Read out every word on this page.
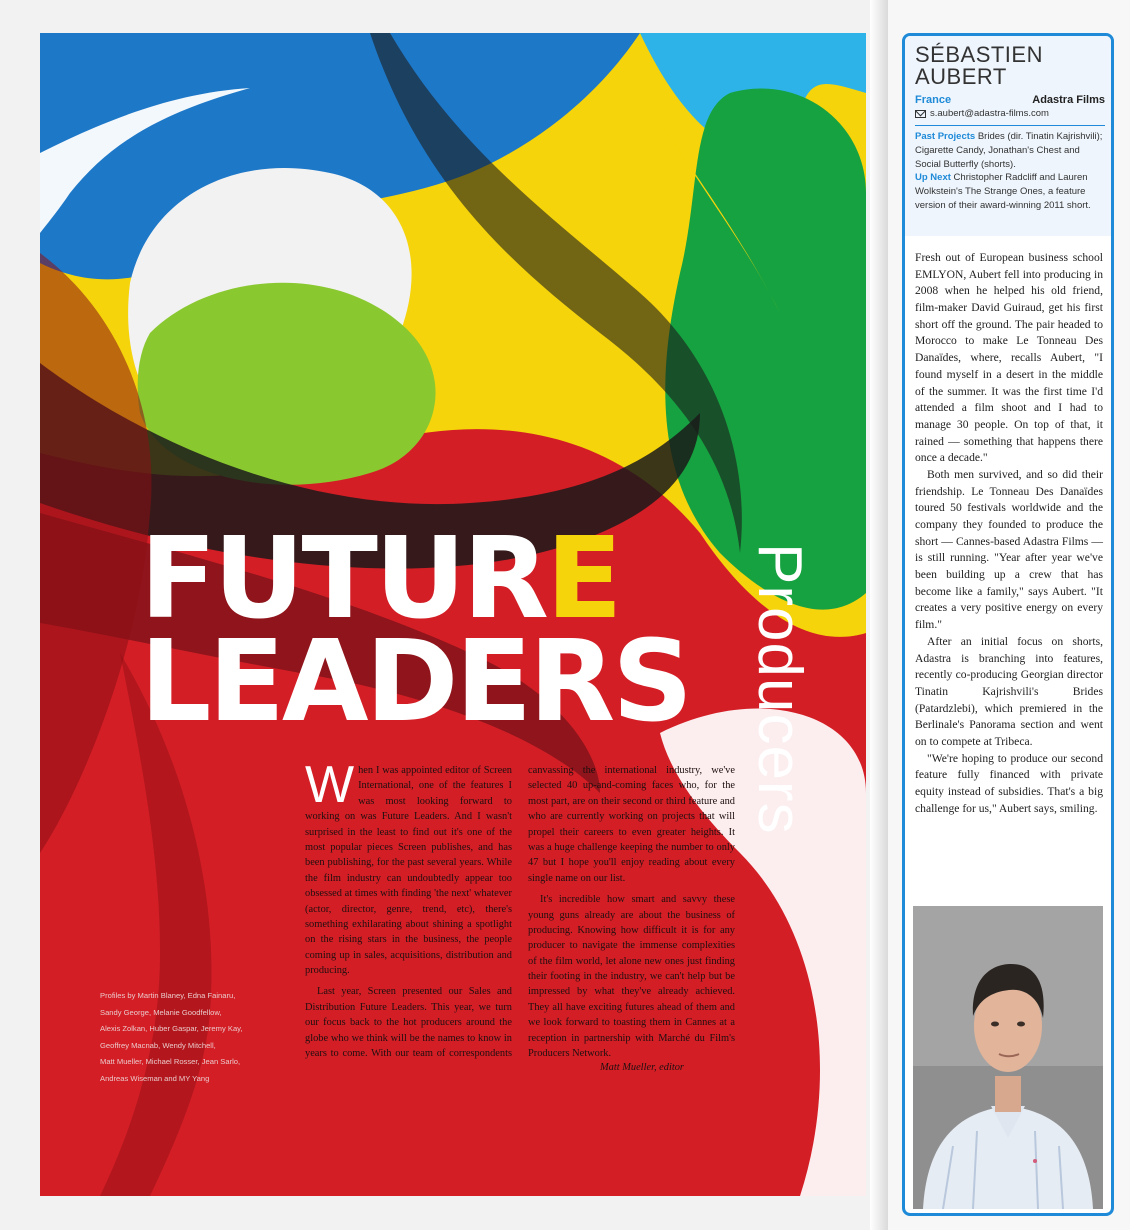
Producers
FUTURE
LEADERS

When I was appointed editor of Screen International, one of the features I was most looking forward to working on was Future Leaders. And I wasn't surprised in the least to find out it's one of the most popular pieces Screen publishes, and has been publishing, for the past several years. While the film industry can undoubtedly appear too obsessed at times with finding 'the next' whatever (actor, director, genre, trend, etc), there's something exhilarating about shining a spotlight on the rising stars in the business, the people coming up in sales, acquisitions, distribution and producing.

Last year, Screen presented our Sales and Distribution Future Leaders. This year, we turn our focus back to the hot producers around the globe who we think will be the names to know in years to come. With our team of correspondents canvassing the international industry, we've selected 40 up-and-coming faces who, for the most part, are on their second or third feature and who are currently working on projects that will propel their careers to even greater heights. It was a huge challenge keeping the number to only 47 but I hope you'll enjoy reading about every single name on our list.

It's incredible how smart and savvy these young guns already are about the business of producing. Knowing how difficult it is for any producer to navigate the immense complexities of the film world, let alone new ones just finding their footing in the industry, we can't help but be impressed by what they've already achieved. They all have exciting futures ahead of them and we look forward to toasting them in Cannes at a reception in partnership with Marché du Film's Producers Network.

Matt Mueller, editor
Profiles by Martin Blaney, Edna Fainaru,
Sandy George, Melanie Goodfellow,
Alexis Zolkan, Huber Gaspar, Jeremy Kay,
Geoffrey Macnab, Wendy Mitchell,
Matt Mueller, Michael Rosser, Jean Sarlo,
Andreas Wiseman and MY Yang
SÉBASTIEN
AUBERT
France	Adastra Films
s.aubert@adastra-films.com
Past Projects Brides (dir. Tinatin Kajrishvili); Cigarette Candy, Jonathan's Chest and Social Butterfly (shorts).
Up Next Christopher Radcliff and Lauren Wolkstein's The Strange Ones, a feature version of their award-winning 2011 short.

Fresh out of European business school EMLYON, Aubert fell into producing in 2008 when he helped his old friend, film-maker David Guiraud, get his first short off the ground. The pair headed to Morocco to make Le Tonneau Des Danaïdes, where, recalls Aubert, "I found myself in a desert in the middle of the summer. It was the first time I'd attended a film shoot and I had to manage 30 people. On top of that, it rained — something that happens there once a decade."

Both men survived, and so did their friendship. Le Tonneau Des Danaïdes toured 50 festivals worldwide and the company they founded to produce the short — Cannes-based Adastra Films — is still running. "Year after year we've been building up a crew that has become like a family," says Aubert. "It creates a very positive energy on every film."

After an initial focus on shorts, Adastra is branching into features, recently co-producing Georgian director Tinatin Kajrishvili's Brides (Patardzlebi), which premiered in the Berlinale's Panorama section and went on to compete at Tribeca.

"We're hoping to produce our second feature fully financed with private equity instead of subsidies. That's a big challenge for us," Aubert says, smiling.
